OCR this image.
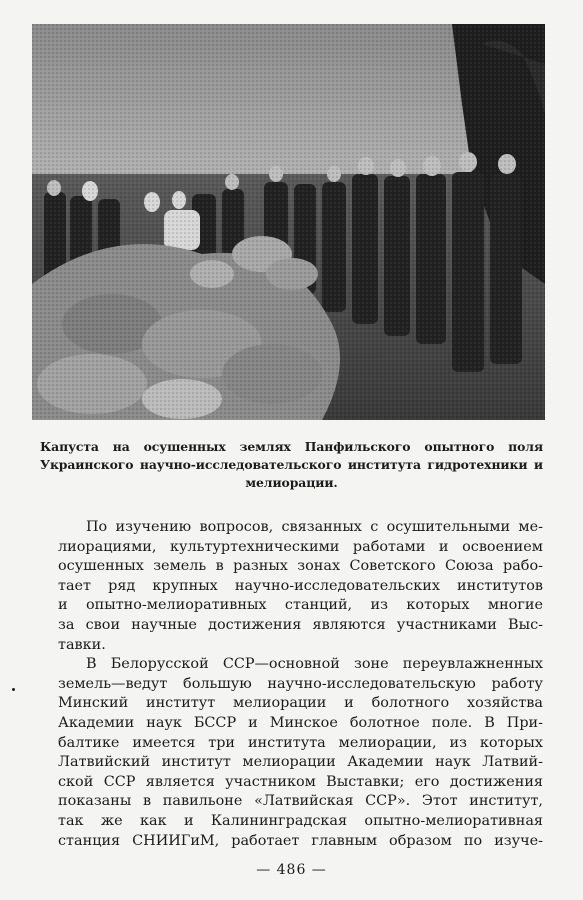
Капуста на осушенных землях Панфильского опытного поля Украинского научно-исследовательского института гидротехники и мелиорации.

По изучению вопросов, связанных с осушительными ме-
лиорациями, культуртехническими работами и освоением
осушенных земель в разных зонах Советского Союза рабо-
тает ряд крупных научно-исследовательских институтов
и опытно-мелиоративных станций, из которых многие
за свои научные достижения являются участниками Выс-
тавки.

В Белорусской ССР—основной зоне переувлажненных
земель—ведут большую научно-исследовательскую работу
Минский институт мелиорации и болотного хозяйства
Академии наук БССР и Минское болотное поле. В При-
балтике имеется три института мелиорации, из которых
Латвийский институт мелиорации Академии наук Латвий-
ской ССР является участником Выставки; его достижения
показаны в павильоне «Латвийская ССР». Этот институт,
так же как и Калининградская опытно-мелиоративная
станция СНИИГиМ, работает главным образом по изуче-

— 486 —
